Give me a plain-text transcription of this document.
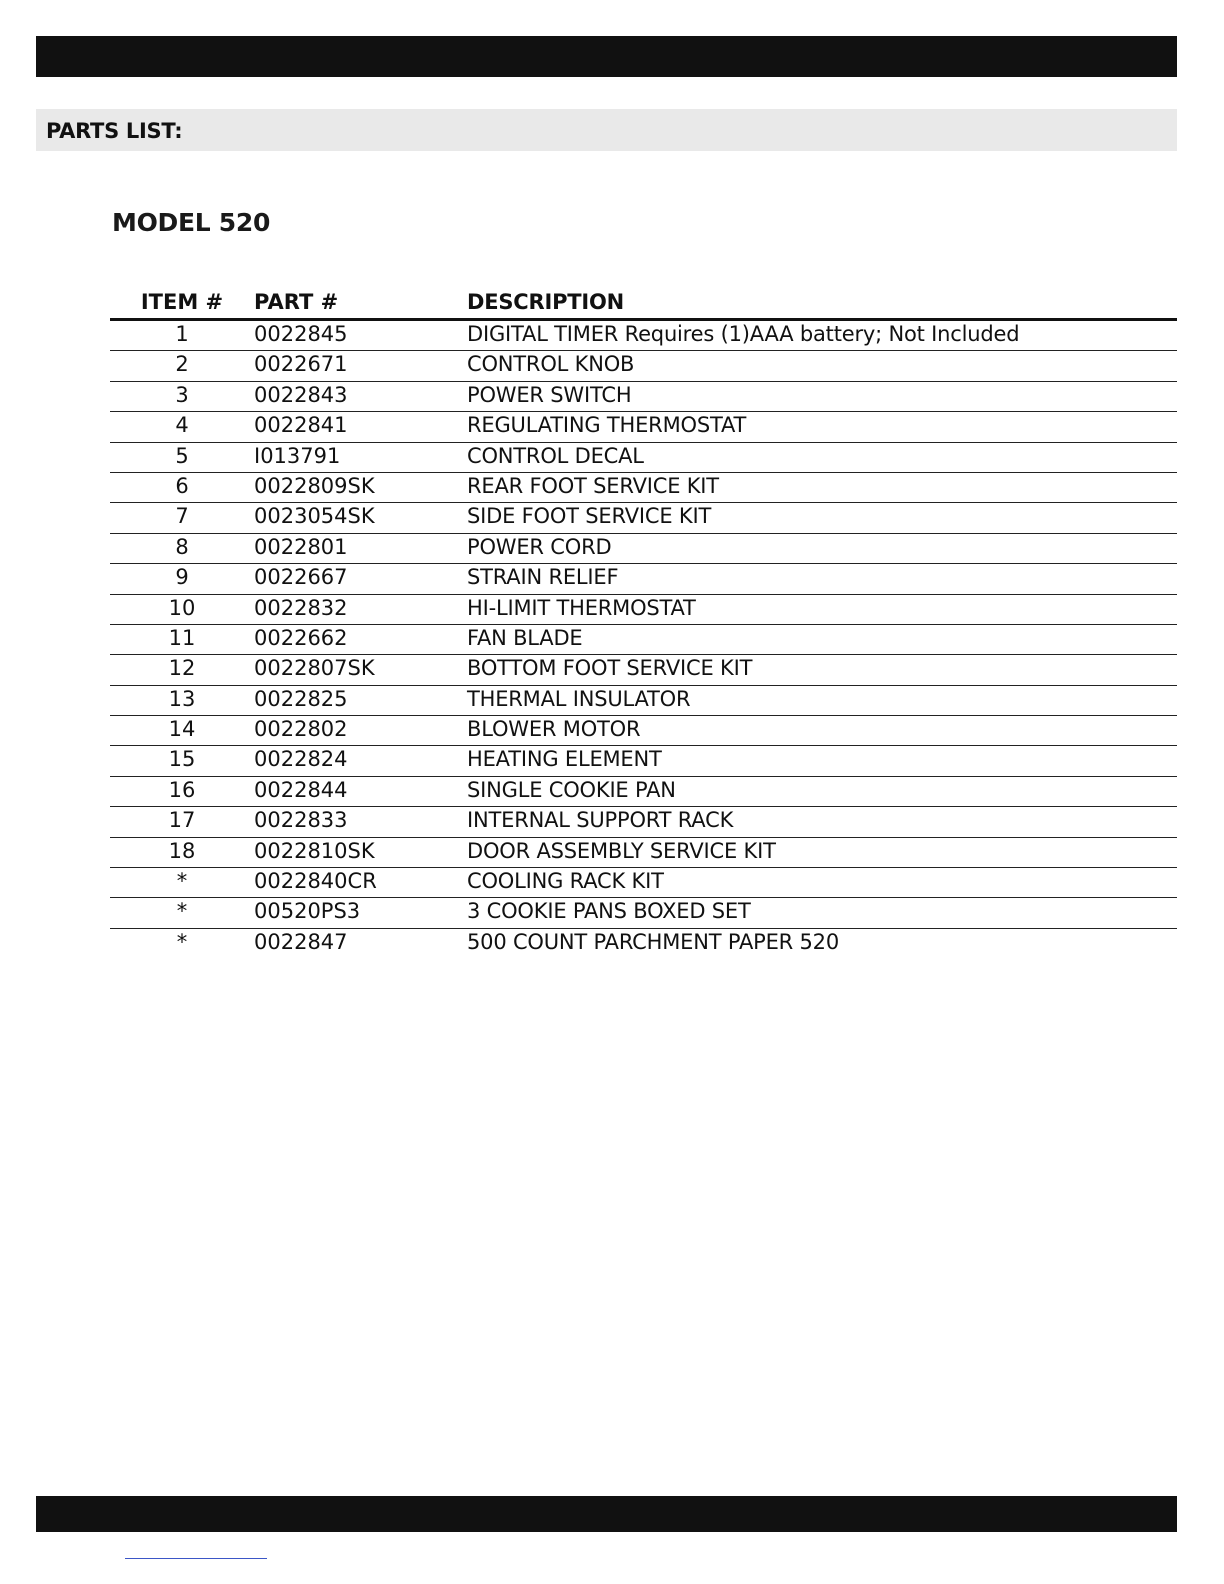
PARTS LIST:
MODEL 520
ITEM # PART #	DESCRIPTION
1	0022845	DIGITAL TIMER Requires (1)AAA battery; Not Included
2	0022671	CONTROL KNOB
3	0022843	POWER SWITCH
4	0022841	REGULATING THERMOSTAT
5	I013791	CONTROL DECAL
6	0022809SK	REAR FOOT SERVICE KIT
7	0023054SK	SIDE FOOT SERVICE KIT
8	0022801	POWER CORD
9	0022667	STRAIN RELIEF
10	0022832	HI-LIMIT THERMOSTAT
11	0022662	FAN BLADE
12	0022807SK	BOTTOM FOOT SERVICE KIT
13	0022825	THERMAL INSULATOR
14	0022802	BLOWER MOTOR
15	0022824	HEATING ELEMENT
16	0022844	SINGLE COOKIE PAN
17	0022833	INTERNAL SUPPORT RACK
18	0022810SK	DOOR ASSEMBLY SERVICE KIT
*	0022840CR	COOLING RACK KIT
*	00520PS3	3 COOKIE PANS BOXED SET
*	0022847	500 COUNT PARCHMENT PAPER 520
